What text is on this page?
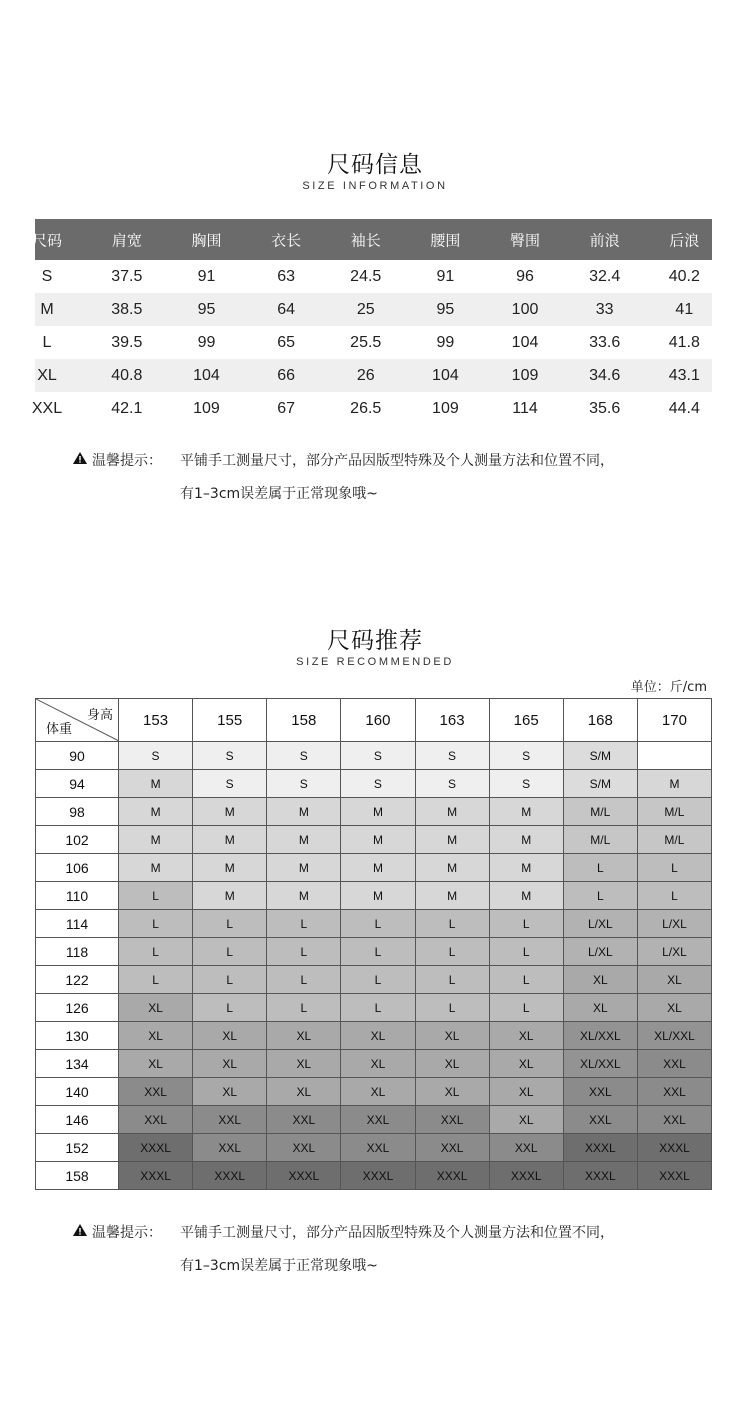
尺码信息
SIZE INFORMATION
尺码	肩宽	胸围	衣长	袖长	腰围	臀围	前浪	后浪
S	37.5	91	63	24.5	91	96	32.4	40.2
M	38.5	95	64	25	95	100	33	41
L	39.5	99	65	25.5	99	104	33.6	41.8
XL	40.8	104	66	26	104	109	34.6	43.1
XXL	42.1	109	67	26.5	109	114	35.6	44.4
温馨提示： 平铺手工测量尺寸，部分产品因版型特殊及个人测量方法和位置不同，
有1–3cm误差属于正常现象哦~
尺码推荐
SIZE RECOMMENDED
单位：斤/cm
身高
体重	153	155	158	160	163	165	168	170
90	S	S	S	S	S	S	S/M	
94	M	S	S	S	S	S	S/M	M
98	M	M	M	M	M	M	M/L	M/L
102	M	M	M	M	M	M	M/L	M/L
106	M	M	M	M	M	M	L	L
110	L	M	M	M	M	M	L	L
114	L	L	L	L	L	L	L/XL	L/XL
118	L	L	L	L	L	L	L/XL	L/XL
122	L	L	L	L	L	L	XL	XL
126	XL	L	L	L	L	L	XL	XL
130	XL	XL	XL	XL	XL	XL	XL/XXL	XL/XXL
134	XL	XL	XL	XL	XL	XL	XL/XXL	XXL
140	XXL	XL	XL	XL	XL	XL	XXL	XXL
146	XXL	XXL	XXL	XXL	XXL	XL	XXL	XXL
152	XXXL	XXL	XXL	XXL	XXL	XXL	XXXL	XXXL
158	XXXL	XXXL	XXXL	XXXL	XXXL	XXXL	XXXL	XXXL
温馨提示： 平铺手工测量尺寸，部分产品因版型特殊及个人测量方法和位置不同，
有1–3cm误差属于正常现象哦~
